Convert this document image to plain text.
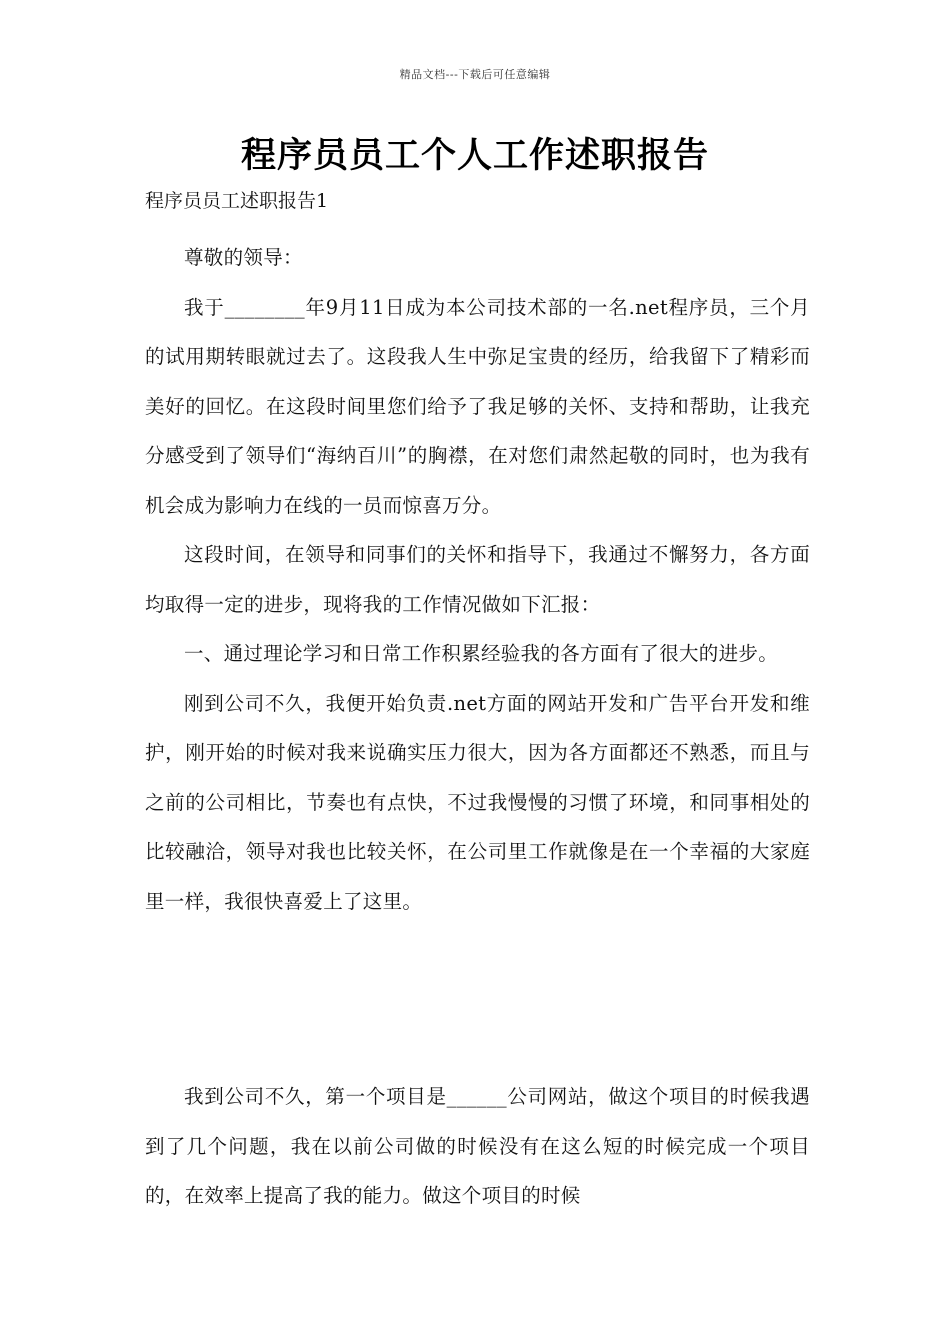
精品文档---下载后可任意编辑
程序员员工个人工作述职报告
程序员员工述职报告1

尊敬的领导：

我于________年9月11日成为本公司技术部的一名.net程序员，三个月的试用期转眼就过去了。这段我人生中弥足宝贵的经历，给我留下了精彩而美好的回忆。在这段时间里您们给予了我足够的关怀、支持和帮助，让我充分感受到了领导们“海纳百川”的胸襟，在对您们肃然起敬的同时，也为我有机会成为影响力在线的一员而惊喜万分。

这段时间，在领导和同事们的关怀和指导下，我通过不懈努力，各方面均取得一定的进步，现将我的工作情况做如下汇报：

一、通过理论学习和日常工作积累经验我的各方面有了很大的进步。

刚到公司不久，我便开始负责.net方面的网站开发和广告平台开发和维护，刚开始的时候对我来说确实压力很大，因为各方面都还不熟悉，而且与之前的公司相比，节奏也有点快，不过我慢慢的习惯了环境，和同事相处的比较融洽，领导对我也比较关怀，在公司里工作就像是在一个幸福的大家庭里一样，我很快喜爱上了这里。

我到公司不久，第一个项目是______公司网站，做这个项目的时候我遇到了几个问题，我在以前公司做的时候没有在这么短的时候完成一个项目的，在效率上提高了我的能力。做这个项目的时候
